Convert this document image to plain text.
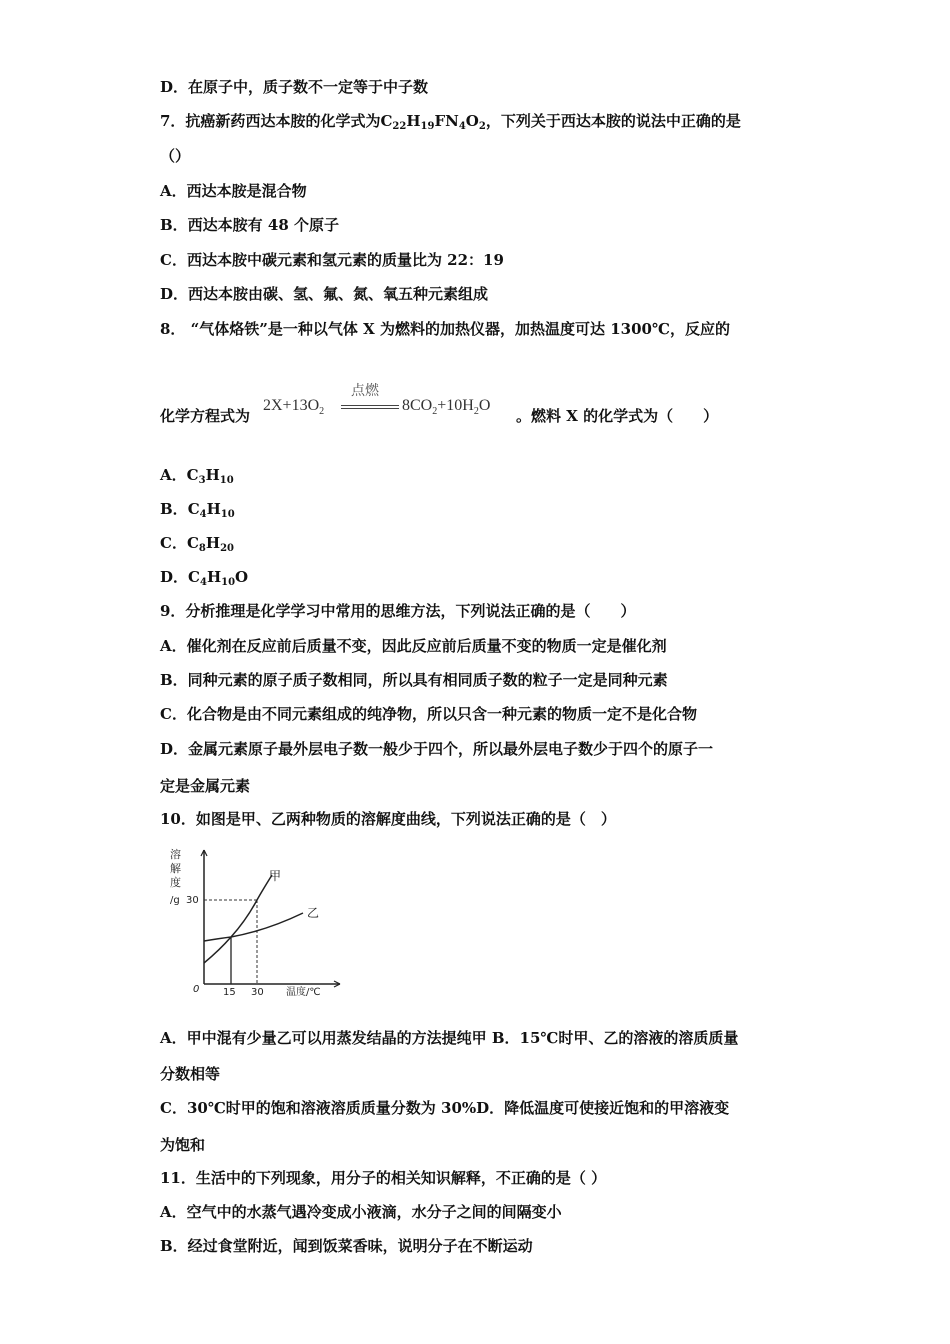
D．在原子中，质子数不一定等于中子数
7．抗癌新药西达本胺的化学式为$C_{22}H_{19}FN_4O_2$，下列关于西达本胺的说法中正确的是
（）
A．西达本胺是混合物
B．西达本胺有 48 个原子
C．西达本胺中碳元素和氢元素的质量比为 22：19
D．西达本胺由碳、氢、氟、氮、氧五种元素组成
8． “气体烙铁”是一种以气体 X 为燃料的加热仪器，加热温度可达 1300℃，反应的
化学方程式为
点燃
$2X+13O_2$	$8CO_2+10H_2O$
。燃料 X 的化学式为（　　）
A．$C_3H_{10}$
B．$C_4H_{10}$
C．$C_8H_{20}$
D．$C_4H_{10}O$
9．分析推理是化学学习中常用的思维方法，下列说法正确的是（　　）
A．催化剂在反应前后质量不变，因此反应前后质量不变的物质一定是催化剂
B．同种元素的原子质子数相同，所以具有相同质子数的粒子一定是同种元素
C．化合物是由不同元素组成的纯净物，所以只含一种元素的物质一定不是化合物
D．金属元素原子最外层电子数一般少于四个，所以最外层电子数少于四个的原子一
定是金属元素
10．如图是甲、乙两种物质的溶解度曲线，下列说法正确的是（　）
溶
解
度
/g 30
0 15 30 温度/℃
甲
乙
A．甲中混有少量乙可以用蒸发结晶的方法提纯甲 B．15℃时甲、乙的溶液的溶质质量
分数相等
C．30℃时甲的饱和溶液溶质质量分数为 30%D．降低温度可使接近饱和的甲溶液变
为饱和
11．生活中的下列现象，用分子的相关知识解释，不正确的是（ ）
A．空气中的水蒸气遇冷变成小液滴，水分子之间的间隔变小
B．经过食堂附近，闻到饭菜香味，说明分子在不断运动
